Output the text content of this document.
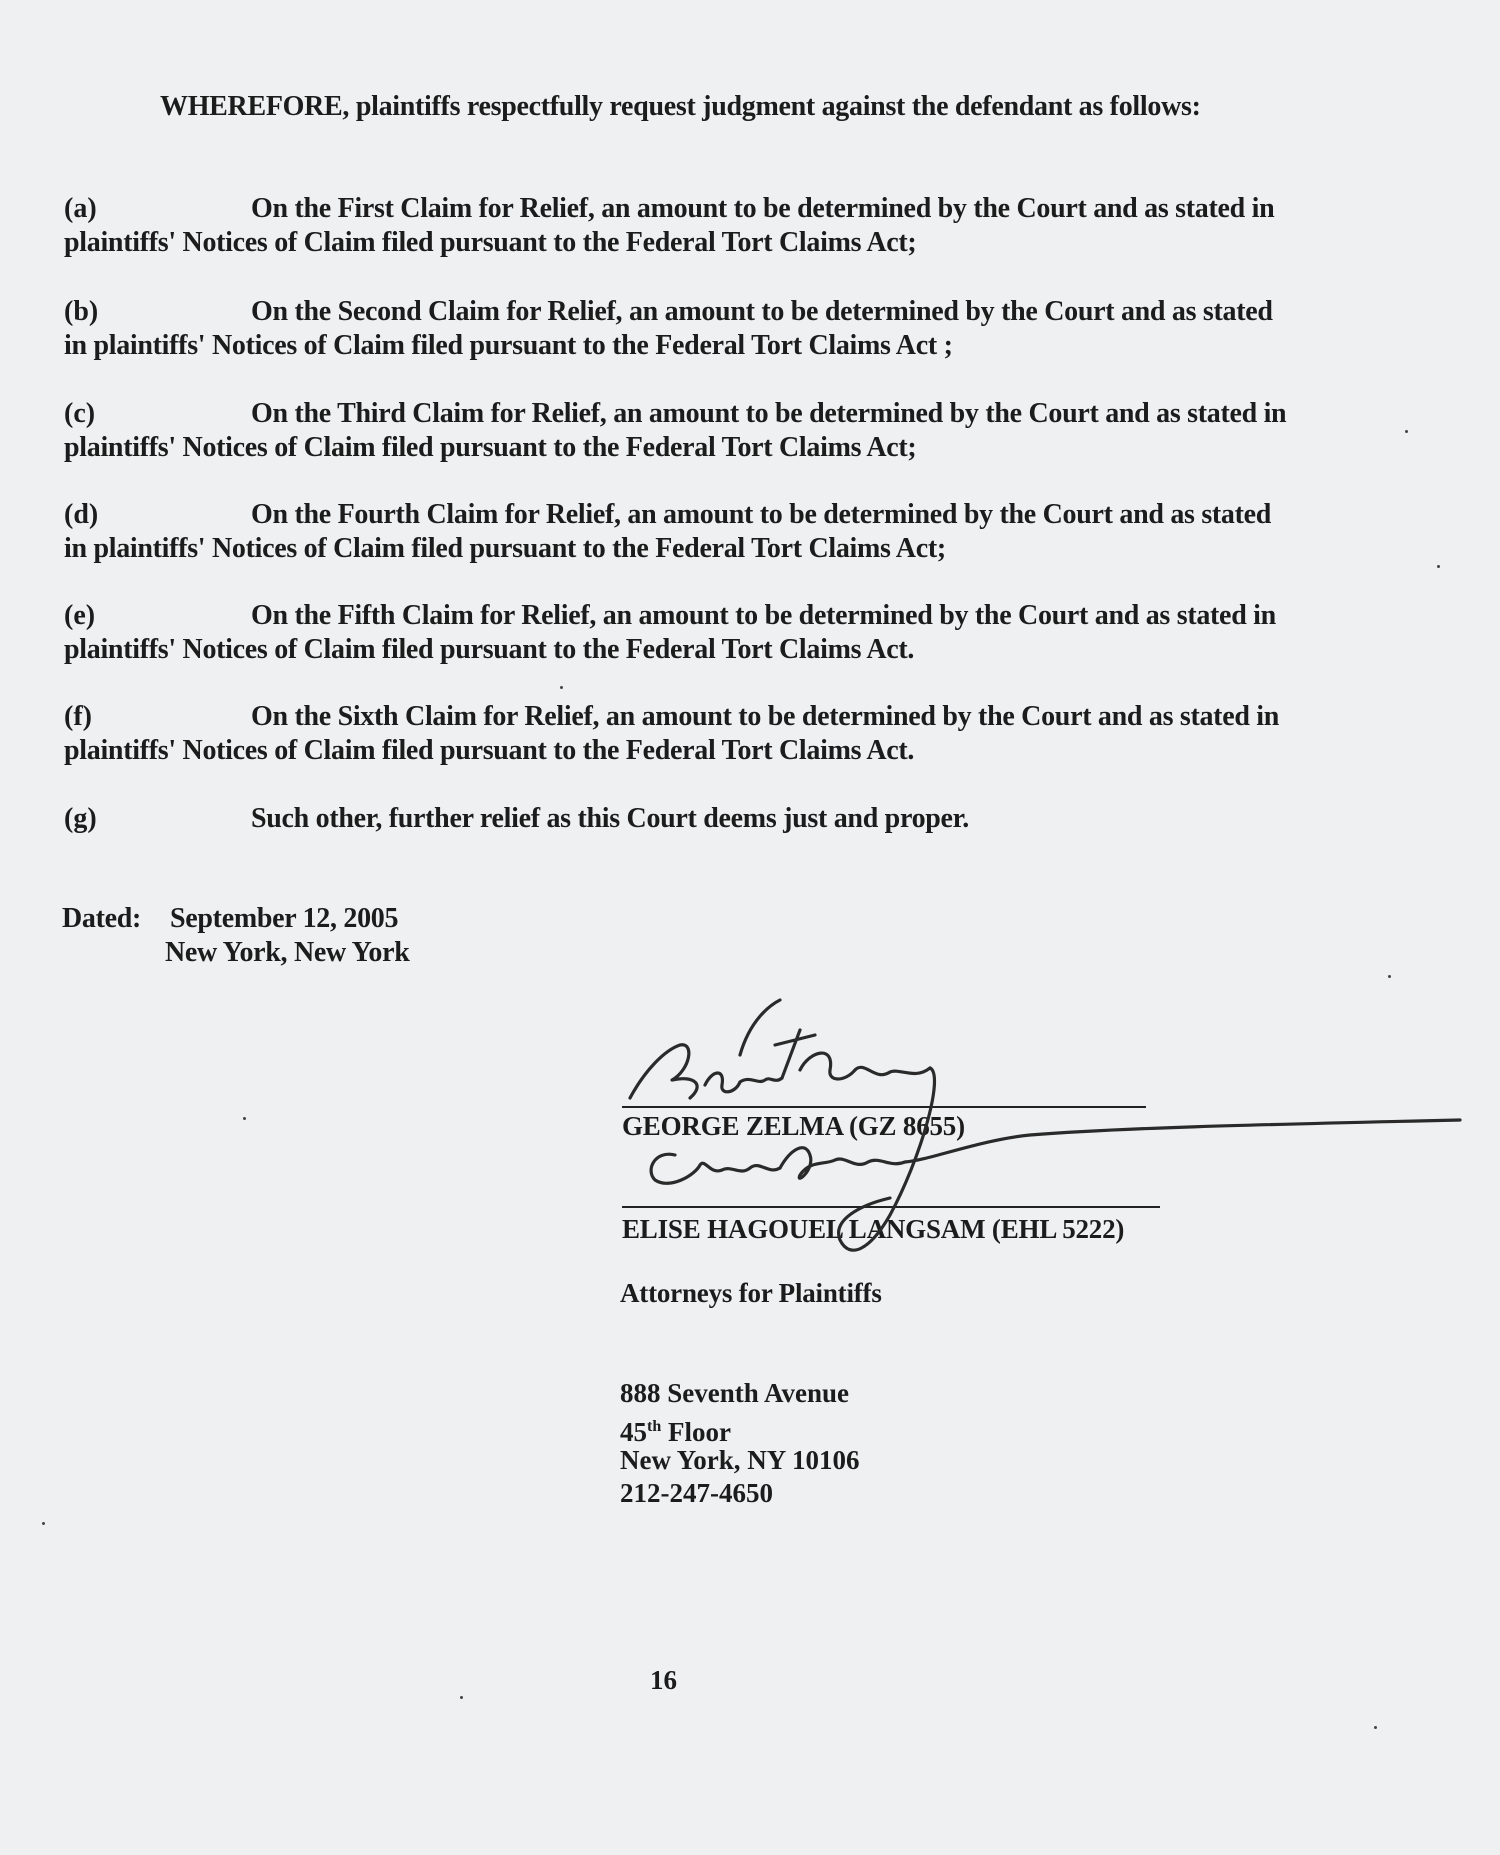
WHEREFORE, plaintiffs respectfully request judgment against the defendant as follows:
(a)	On the First Claim for Relief, an amount to be determined by the Court and as stated in plaintiffs' Notices of Claim filed pursuant to the Federal Tort Claims Act;
(b)	On the Second Claim for Relief, an amount to be determined by the Court and as stated in plaintiffs' Notices of Claim filed pursuant to the Federal Tort Claims Act ;
(c)	On the Third Claim for Relief, an amount to be determined by the Court and as stated in plaintiffs' Notices of Claim filed pursuant to the Federal Tort Claims Act;
(d)	On the Fourth Claim for Relief, an amount to be determined by the Court and as stated in plaintiffs' Notices of Claim filed pursuant to the Federal Tort Claims Act;
(e)	On the Fifth Claim for Relief, an amount to be determined by the Court and as stated in plaintiffs' Notices of Claim filed pursuant to the Federal Tort Claims Act.
(f)	On the Sixth Claim for Relief, an amount to be determined by the Court and as stated in plaintiffs' Notices of Claim filed pursuant to the Federal Tort Claims Act.
(g)	Such other, further relief as this Court deems just and proper.
Dated: September 12, 2005
New York, New York
GEORGE ZELMA (GZ 8655)
ELISE HAGOUEL LANGSAM (EHL 5222)
Attorneys for Plaintiffs
888 Seventh Avenue
45th Floor
New York, NY 10106
212-247-4650
16
